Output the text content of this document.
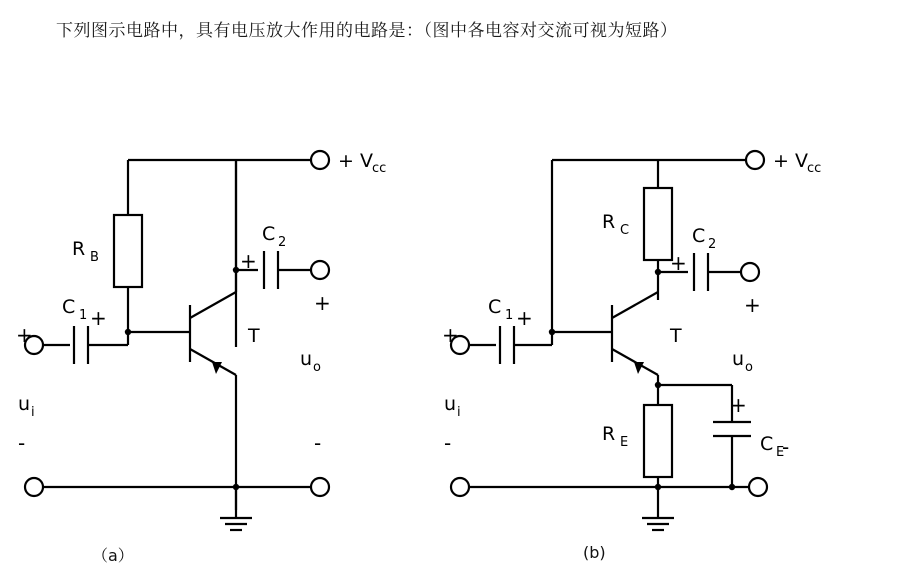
下列图示电路中，具有电压放大作用的电路是：（图中各电容对交流可视为短路）
+ V cc
R B
T
C 2
+
+
-
u o
C 1 +
+
-
u i
（a）
+ V cc
R C
T
R E
+
C E
C 2
+
+
-
u o
C 1 +
+
-
u i
(b)
